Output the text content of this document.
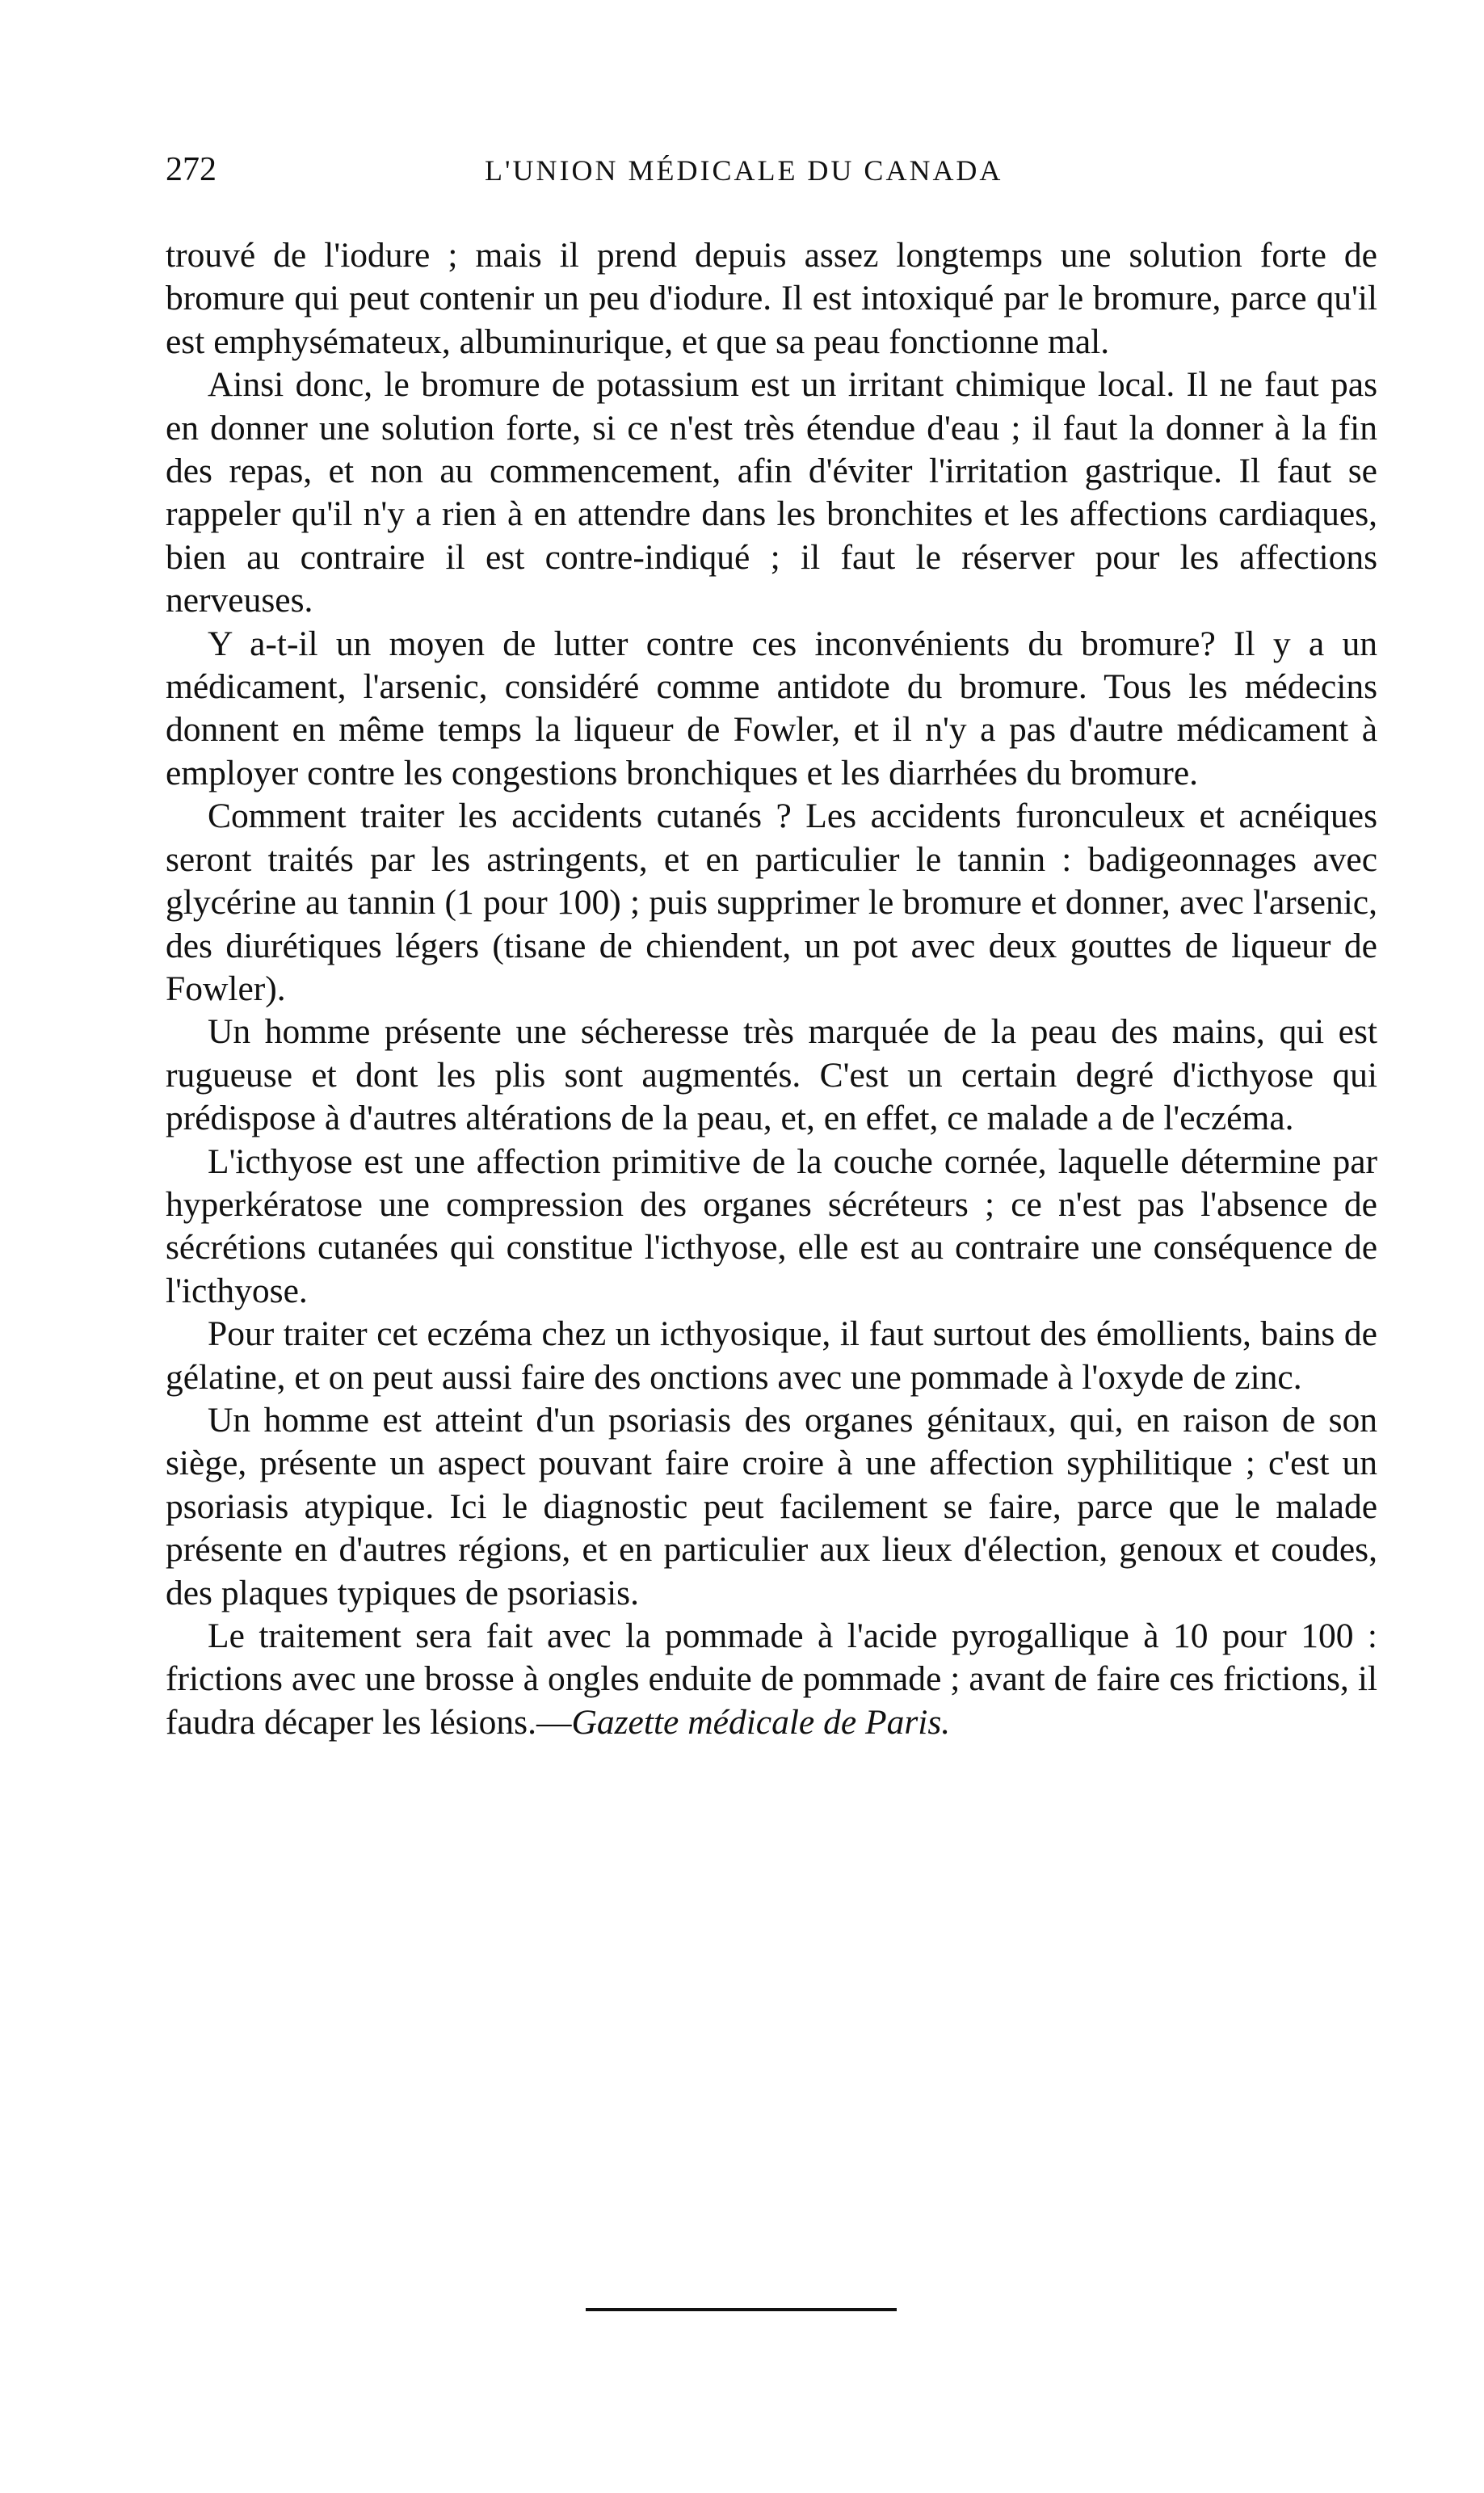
272	L'UNION MÉDICALE DU CANADA

trouvé de l'iodure ; mais il prend depuis assez longtemps une solution forte de bromure qui peut contenir un peu d'iodure. Il est intoxiqué par le bromure, parce qu'il est emphysémateux, albuminurique, et que sa peau fonctionne mal.

Ainsi donc, le bromure de potassium est un irritant chimique local. Il ne faut pas en donner une solution forte, si ce n'est très étendue d'eau ; il faut la donner à la fin des repas, et non au commencement, afin d'éviter l'irritation gastrique. Il faut se rappeler qu'il n'y a rien à en attendre dans les bronchites et les affections cardiaques, bien au contraire il est contre-indiqué ; il faut le réserver pour les affections nerveuses.

Y a-t-il un moyen de lutter contre ces inconvénients du bromure? Il y a un médicament, l'arsenic, considéré comme antidote du bromure. Tous les médecins donnent en même temps la liqueur de Fowler, et il n'y a pas d'autre médicament à employer contre les congestions bronchiques et les diarrhées du bromure.

Comment traiter les accidents cutanés ? Les accidents furonculeux et acnéiques seront traités par les astringents, et en particulier le tannin : badigeonnages avec glycérine au tannin (1 pour 100) ; puis supprimer le bromure et donner, avec l'arsenic, des diurétiques légers (tisane de chiendent, un pot avec deux gouttes de liqueur de Fowler).

Un homme présente une sécheresse très marquée de la peau des mains, qui est rugueuse et dont les plis sont augmentés. C'est un certain degré d'icthyose qui prédispose à d'autres altérations de la peau, et, en effet, ce malade a de l'eczéma.

L'icthyose est une affection primitive de la couche cornée, laquelle détermine par hyperkératose une compression des organes sécréteurs ; ce n'est pas l'absence de sécrétions cutanées qui constitue l'icthyose, elle est au contraire une conséquence de l'icthyose.

Pour traiter cet eczéma chez un icthyosique, il faut surtout des émollients, bains de gélatine, et on peut aussi faire des onctions avec une pommade à l'oxyde de zinc.

Un homme est atteint d'un psoriasis des organes génitaux, qui, en raison de son siège, présente un aspect pouvant faire croire à une affection syphilitique ; c'est un psoriasis atypique. Ici le diagnostic peut facilement se faire, parce que le malade présente en d'autres régions, et en particulier aux lieux d'élection, genoux et coudes, des plaques typiques de psoriasis.

Le traitement sera fait avec la pommade à l'acide pyrogallique à 10 pour 100 : frictions avec une brosse à ongles enduite de pommade ; avant de faire ces frictions, il faudra décaper les lésions.—Gazette médicale de Paris.
